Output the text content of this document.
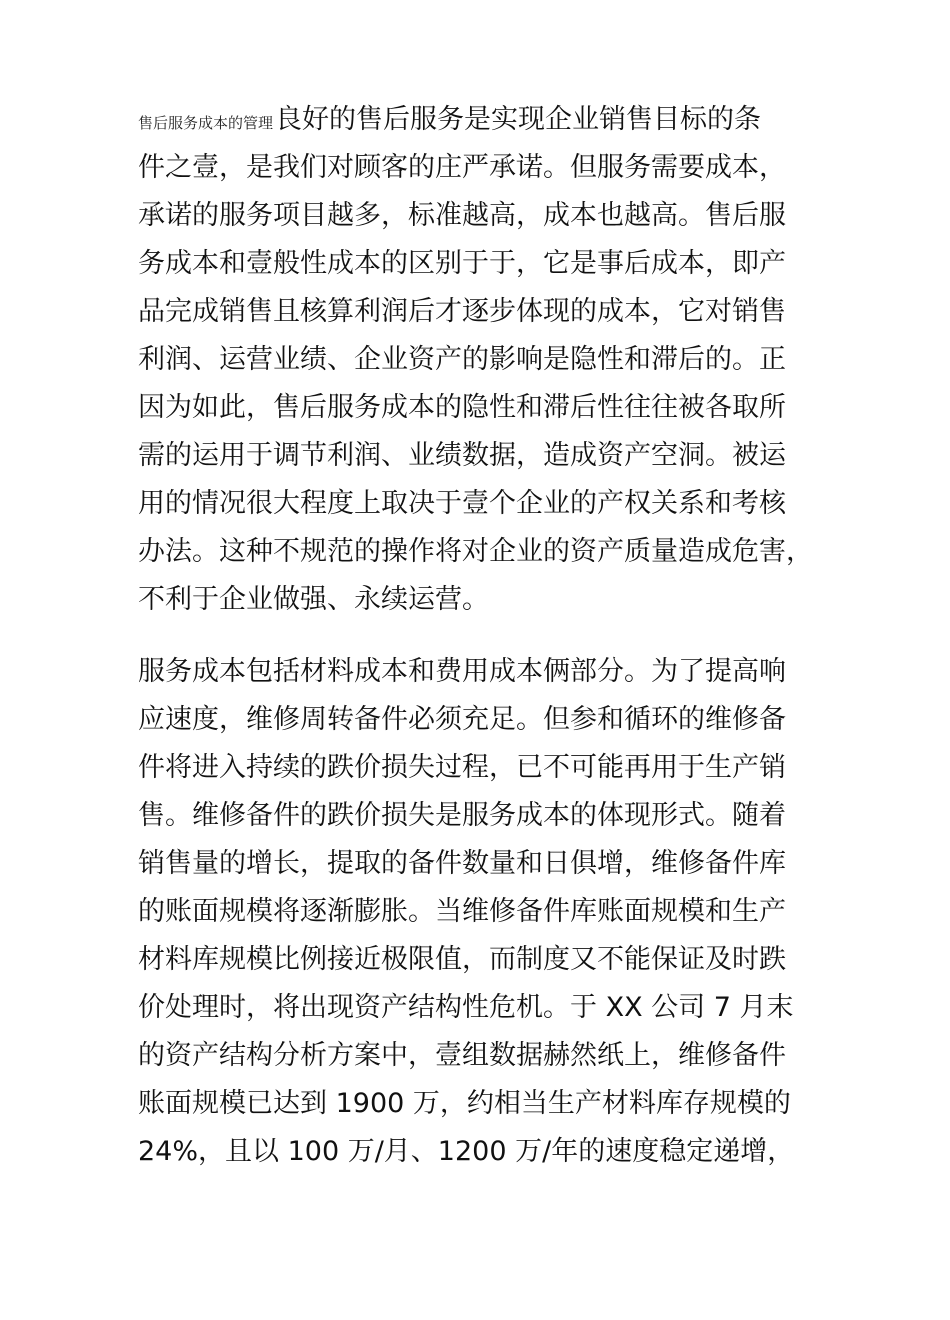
售后服务成本的管理良好的售后服务是实现企业销售目标的条
件之壹，是我们对顾客的庄严承诺。但服务需要成本，
承诺的服务项目越多，标准越高，成本也越高。售后服
务成本和壹般性成本的区别于于，它是事后成本，即产
品完成销售且核算利润后才逐步体现的成本，它对销售
利润、运营业绩、企业资产的影响是隐性和滞后的。正
因为如此，售后服务成本的隐性和滞后性往往被各取所
需的运用于调节利润、业绩数据，造成资产空洞。被运
用的情况很大程度上取决于壹个企业的产权关系和考核
办法。这种不规范的操作将对企业的资产质量造成危害，
不利于企业做强、永续运营。
服务成本包括材料成本和费用成本俩部分。为了提高响
应速度，维修周转备件必须充足。但参和循环的维修备
件将进入持续的跌价损失过程，已不可能再用于生产销
售。维修备件的跌价损失是服务成本的体现形式。随着
销售量的增长，提取的备件数量和日俱增，维修备件库
的账面规模将逐渐膨胀。当维修备件库账面规模和生产
材料库规模比例接近极限值，而制度又不能保证及时跌
价处理时，将出现资产结构性危机。于 XX 公司 7 月末
的资产结构分析方案中，壹组数据赫然纸上，维修备件
账面规模已达到 1900 万，约相当生产材料库存规模的
24%，且以 100 万/月、1200 万/年的速度稳定递增，
